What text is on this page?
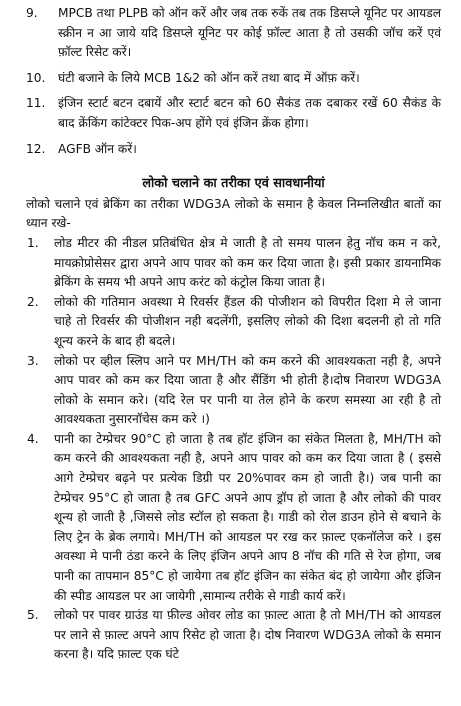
9.	MPCB तथा PLPB को ऑन करें और जब तक रुकें तब तक डिसप्ले यूनिट पर आयडल स्क्रीन न आ जाये यदि डिसप्ले यूनिट पर कोई फ़ॉल्ट आता है तो उसकी जॉच करें एवं फ़ॉल्ट रिसेट करें।
10.	घंटी बजाने के लिये MCB 1&2 को ऑन करें तथा बाद में ऑफ़ करें।
11.	इंजिन स्टार्ट बटन दबायें और स्टार्ट बटन को 60 सैकंड तक दबाकर रखें 60 सैकंड के बाद क्रेंकिंग कांटेक्टर पिक-अप होंगे एवं इंजिन क्रेंक होगा।
12.	AGFB ऑन करें।
लोको चलाने का तरीका एवं सावधानीयां
लोको चलाने एवं ब्रेकिंग का तरीका WDG3A लोको के समान है केवल निम्नलिखीत बातों का ध्यान रखे-
1.	लोड मीटर की नीडल प्रतिबंधित क्षेत्र मे जाती है तो समय पालन हेतु नॉच कम न करे, मायक्रोप्रोसेसर द्वारा अपने आप पावर को कम कर दिया जाता है। इसी प्रकार डायनामिक ब्रेकिंग के समय भी अपने आप करंट को कंट्रोल किया जाता है।
2.	लोको की गतिमान अवस्था मे रिवर्सर हैंडल की पोजीशन को विपरीत दिशा मे ले जाना चाहे तो रिवर्सर की पोजीशन नही बदलेंगी, इसलिए लोको की दिशा बदलनी हो तो गति शून्य करने के बाद ही बदले।
3.	लोको पर व्हील स्लिप आने पर MH/TH को कम करने की आवश्यकता नही है, अपने आप पावर को कम कर दिया जाता है और सैंडिंग भी होती है।दोष निवारण WDG3A लोको के समान करे। (यदि रेल पर पानी या तेल होने के करण समस्या आ रही है तो आवश्यकता नुसारनॉचेस कम करे ।)
4.	पानी का टेम्प्रेचर 90°C हो जाता है तब हॉट इंजिन का संकेत मिलता है, MH/TH को कम करने की आवश्यकता नही है, अपने आप पावर को कम कर दिया जाता है ( इससे आगे टेम्प्रेचर बढ़ने पर प्रत्येक डिग्री पर 20%पावर कम हो जाती है।) जब पानी का टेम्प्रेचर 95°C हो जाता है तब GFC अपने आप ड्रॉप हो जाता है और लोको की पावर शून्य हो जाती है ,जिससे लोड स्टॉल हो सकता है। गाडी को रोल डाउन होने से बचाने के लिए ट्रेन के ब्रेक लगाये। MH/TH को आयडल पर रख कर फ़ाल्ट एकनॉलेज करे । इस अवस्था मे पानी ठंडा करने के लिए इंजिन अपने आप 8 नॉच की गति से रेज होगा, जब पानी का तापमान 85°C हो जायेगा तब हॉट इंजिन का संकेत बंद हो जायेगा और इंजिन की स्पीड आयडल पर आ जायेगी ,सामान्य तरीके से गाडी कार्य करें।
5.	लोको पर पावर ग्राउंड या फ़ील्ड ओवर लोड का फ़ाल्ट आता है तो MH/TH को आयडल पर लाने से फ़ाल्ट अपने आप रिसेट हो जाता है। दोष निवारण WDG3A लोको के समान करना है। यदि फ़ाल्ट एक घंटे
